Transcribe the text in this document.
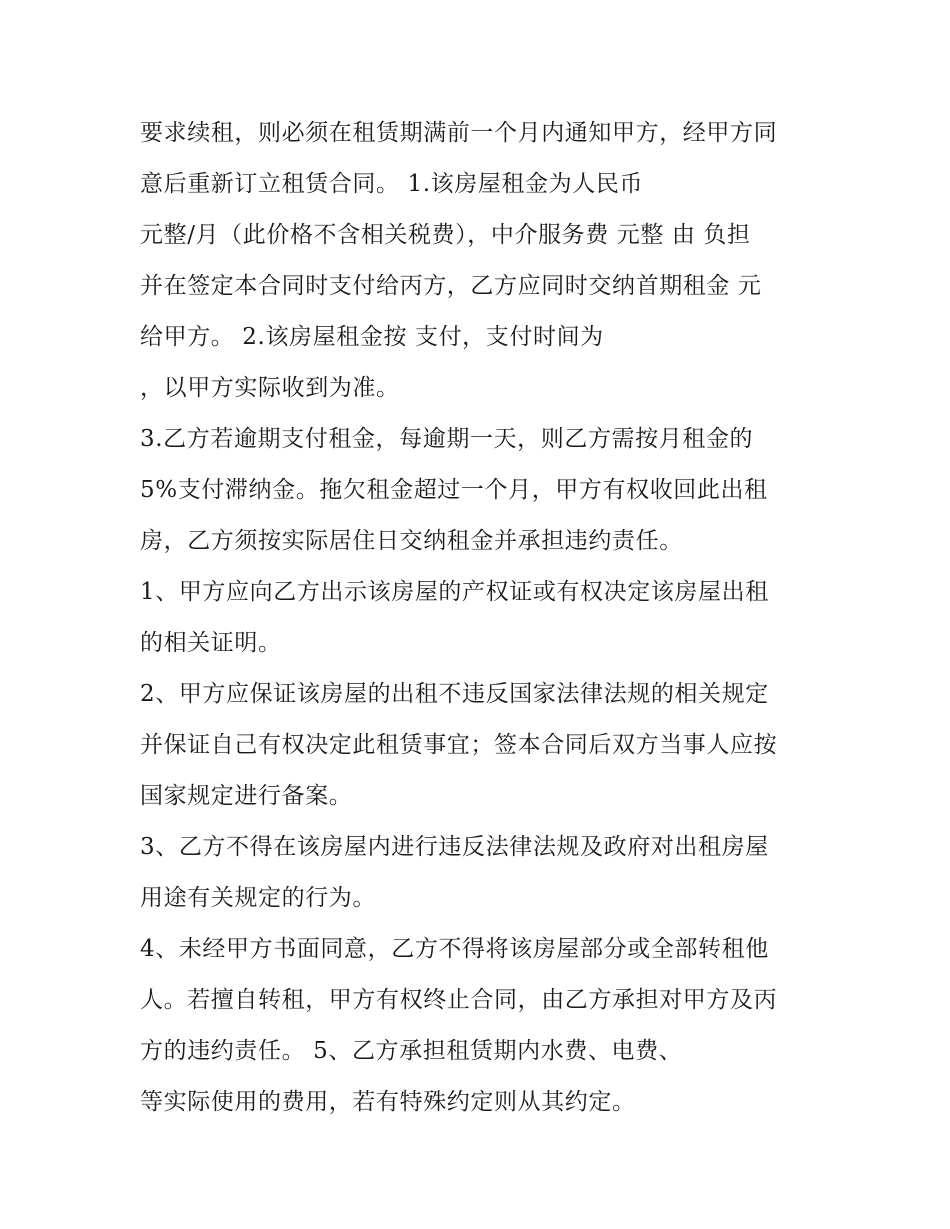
要求续租，则必须在租赁期满前一个月内通知甲方，经甲方同
意后重新订立租赁合同。 1.该房屋租金为人民币
元整/月（此价格不含相关税费），中介服务费 元整 由 负担
并在签定本合同时支付给丙方，乙方应同时交纳首期租金 元
给甲方。 2.该房屋租金按 支付，支付时间为
，以甲方实际收到为准。
3.乙方若逾期支付租金，每逾期一天，则乙方需按月租金的
5%支付滞纳金。拖欠租金超过一个月，甲方有权收回此出租
房，乙方须按实际居住日交纳租金并承担违约责任。
1、甲方应向乙方出示该房屋的产权证或有权决定该房屋出租
的相关证明。
2、甲方应保证该房屋的出租不违反国家法律法规的相关规定
并保证自己有权决定此租赁事宜；签本合同后双方当事人应按
国家规定进行备案。
3、乙方不得在该房屋内进行违反法律法规及政府对出租房屋
用途有关规定的行为。
4、未经甲方书面同意，乙方不得将该房屋部分或全部转租他
人。若擅自转租，甲方有权终止合同，由乙方承担对甲方及丙
方的违约责任。 5、乙方承担租赁期内水费、电费、
等实际使用的费用，若有特殊约定则从其约定。
